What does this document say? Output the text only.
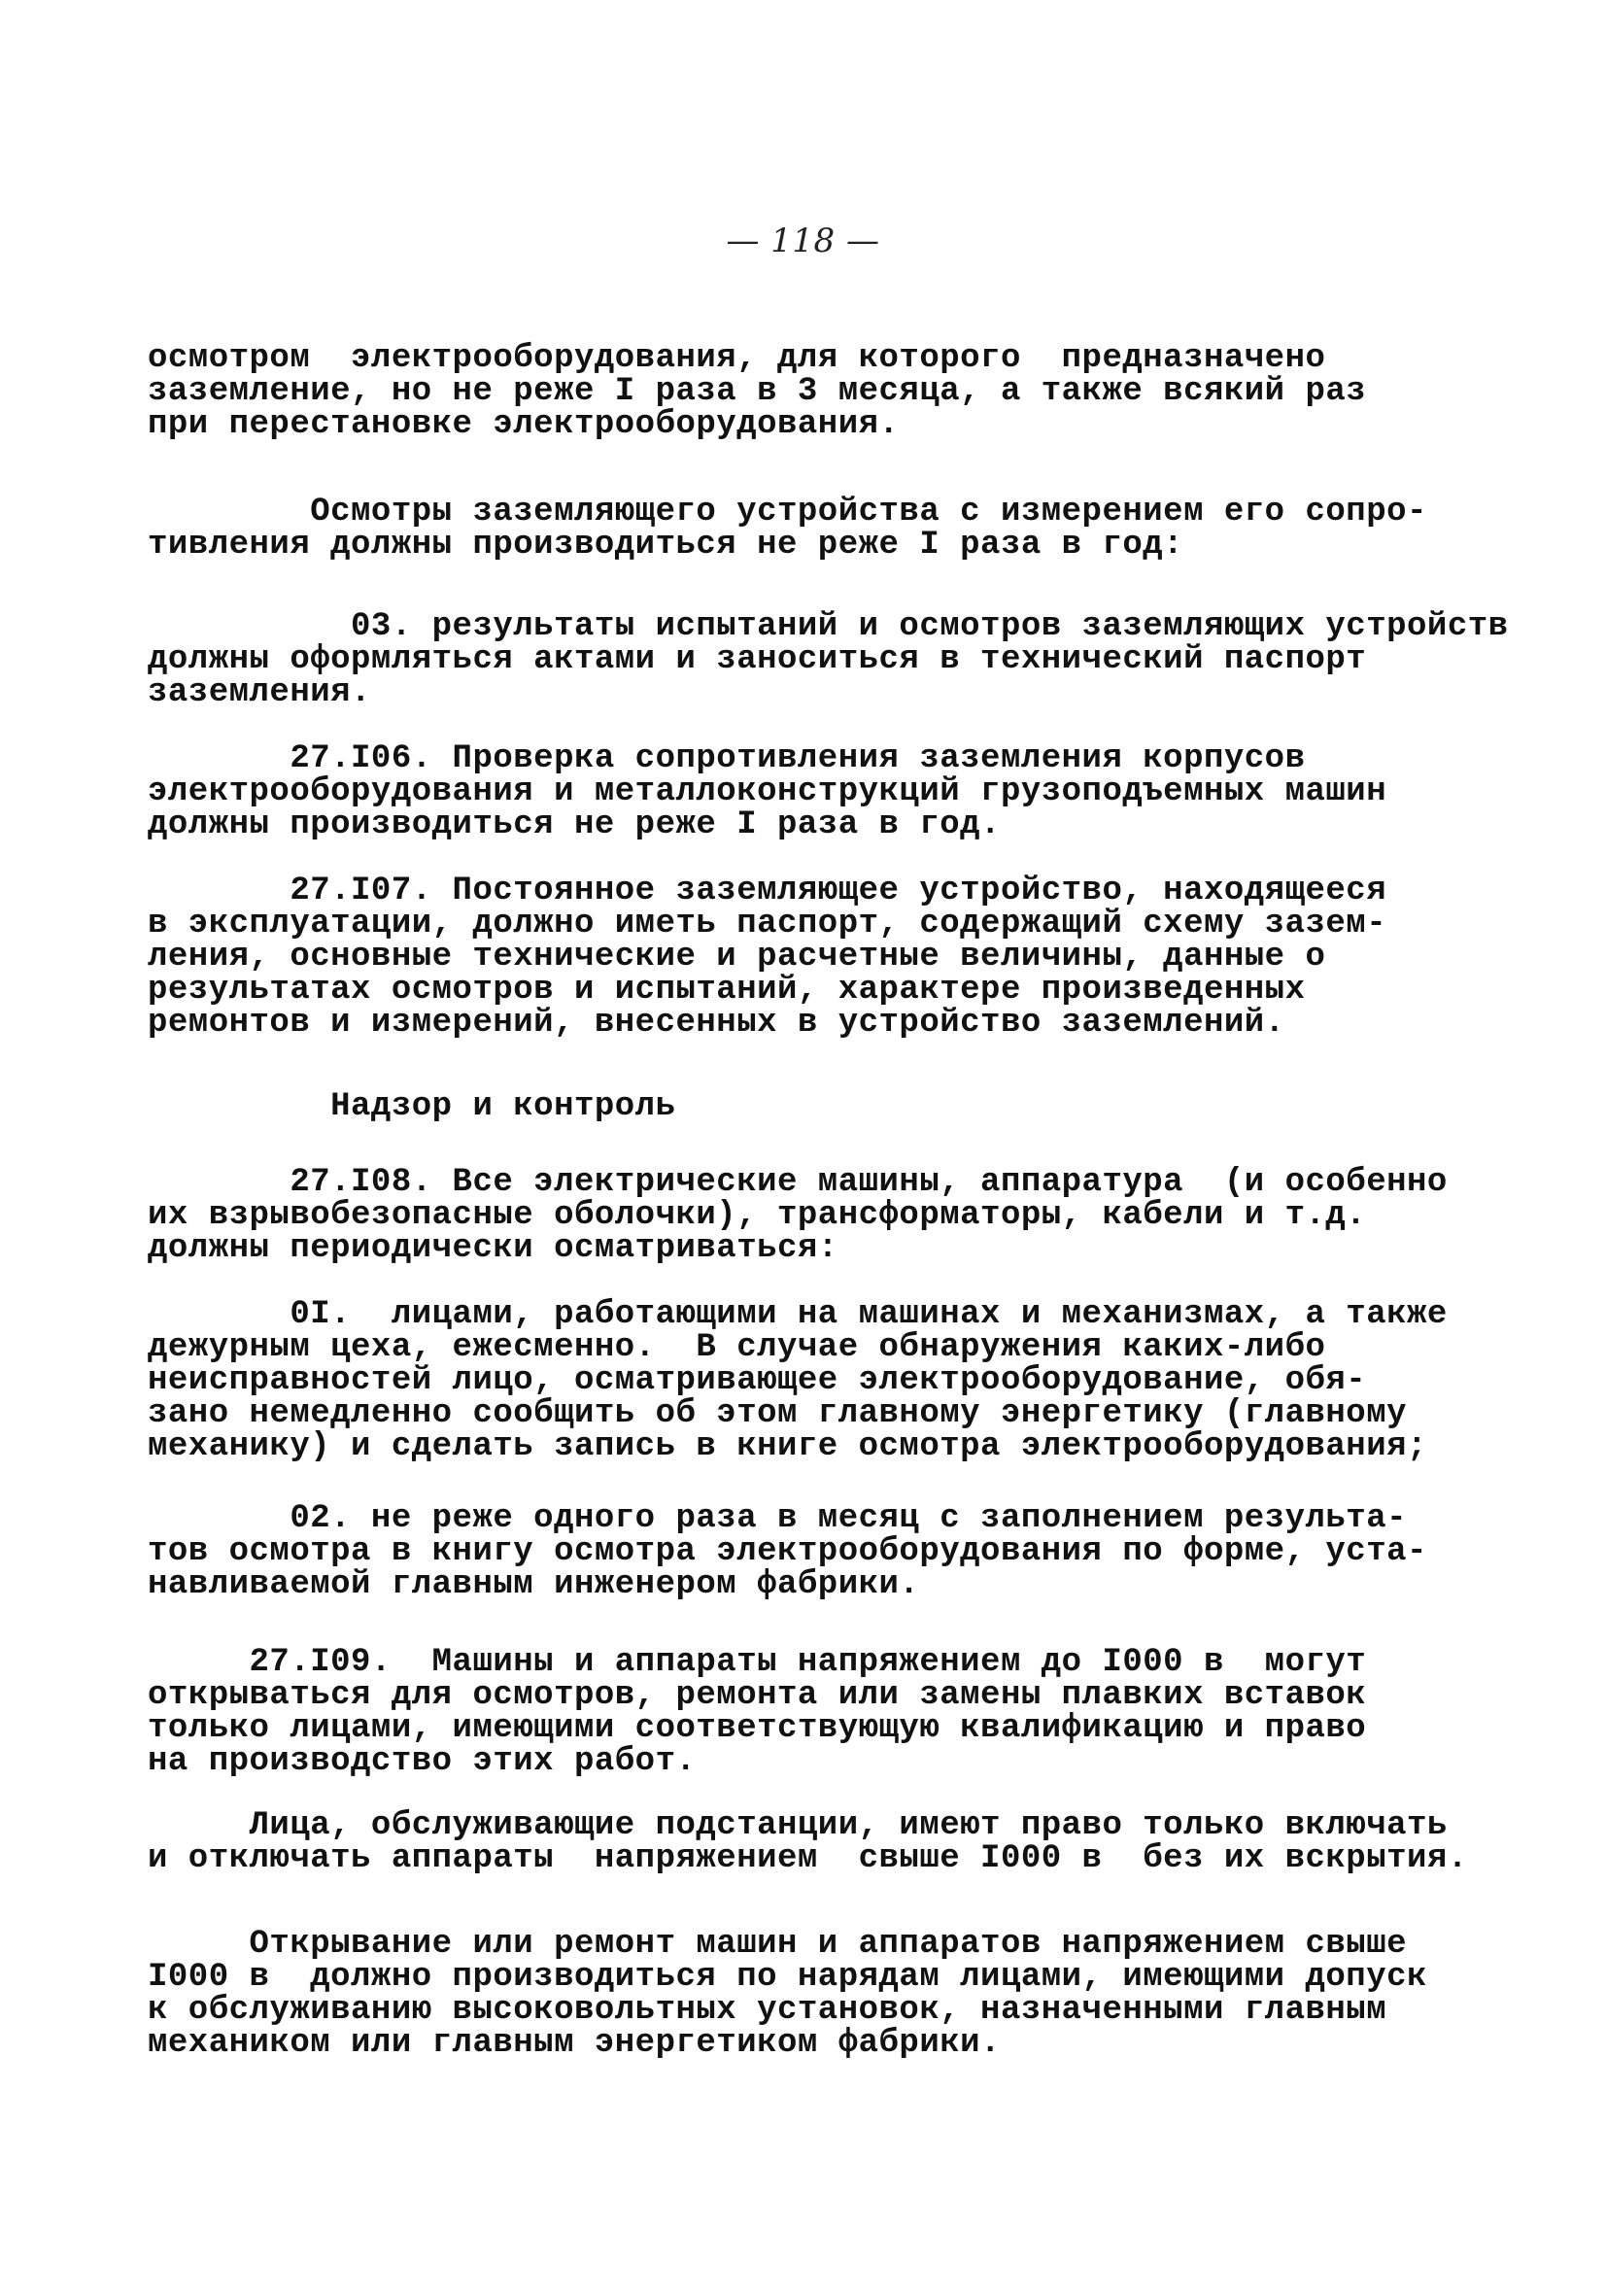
— 118 —
осмотром  электрооборудования, для которого  предназначено
заземление, но не реже I раза в 3 месяца, а также всякий раз
при перестановке электрооборудования.
Осмотры заземляющего устройства с измерением его сопро-
тивления должны производиться не реже I раза в год:
03. результаты испытаний и осмотров заземляющих устройств
должны оформляться актами и заноситься в технический паспорт
заземления.
27.I06. Проверка сопротивления заземления корпусов
электрооборудования и металлоконструкций грузоподъемных машин
должны производиться не реже I раза в год.
27.I07. Постоянное заземляющее устройство, находящееся
в эксплуатации, должно иметь паспорт, содержащий схему зазем-
ления, основные технические и расчетные величины, данные о
результатах осмотров и испытаний, характере произведенных
ремонтов и измерений, внесенных в устройство заземлений.
Надзор и контроль
27.I08. Все электрические машины, аппаратура  (и особенно
их взрывобезопасные оболочки), трансформаторы, кабели и т.д.
должны периодически осматриваться:
0I.  лицами, работающими на машинах и механизмах, а также
дежурным цеха, ежесменно.  В случае обнаружения каких-либо
неисправностей лицо, осматривающее электрооборудование, обя-
зано немедленно сообщить об этом главному энергетику (главному
механику) и сделать запись в книге осмотра электрооборудования;
02. не реже одного раза в месяц с заполнением результа-
тов осмотра в книгу осмотра электрооборудования по форме, уста-
навливаемой главным инженером фабрики.
27.I09.  Машины и аппараты напряжением до I000 в  могут
открываться для осмотров, ремонта или замены плавких вставок
только лицами, имеющими соответствующую квалификацию и право
на производство этих работ.
Лица, обслуживающие подстанции, имеют право только включать
и отключать аппараты  напряжением  свыше I000 в  без их вскрытия.
Открывание или ремонт машин и аппаратов напряжением свыше
I000 в  должно производиться по нарядам лицами, имеющими допуск
к обслуживанию высоковольтных установок, назначенными главным
механиком или главным энергетиком фабрики.
